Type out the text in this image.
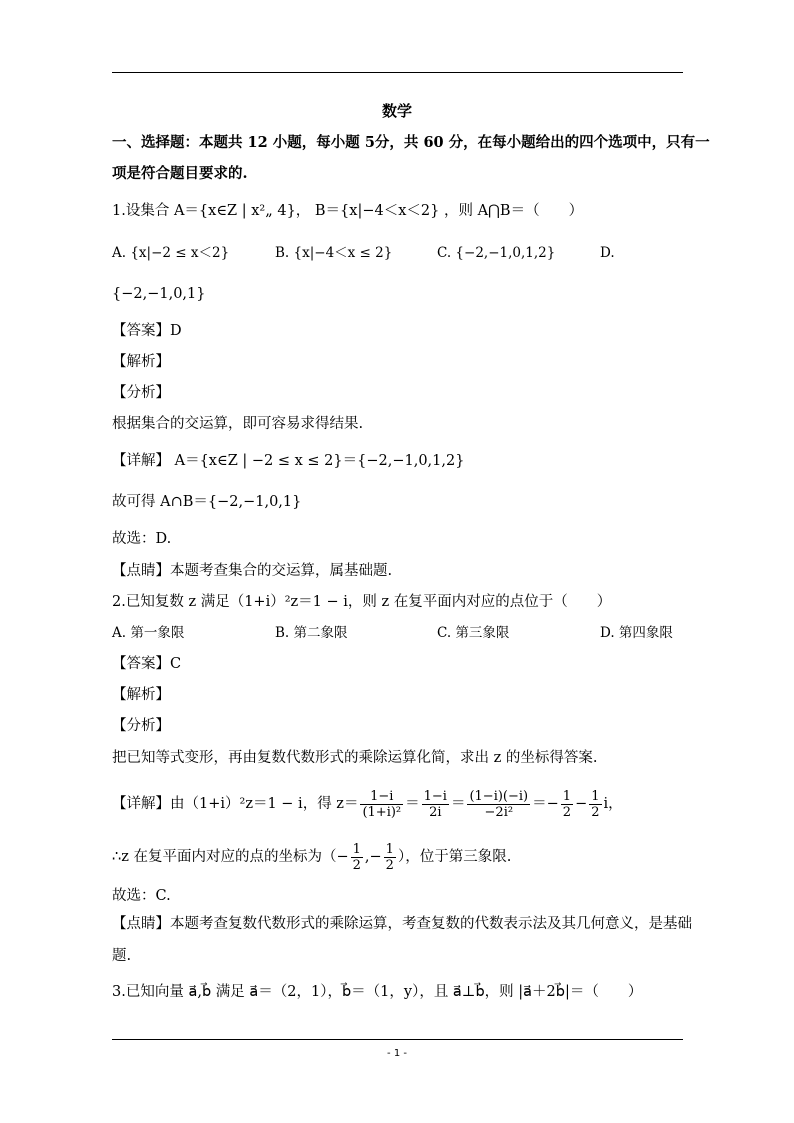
数学
一、选择题：本题共 12 小题，每小题 5分，共 60 分，在每小题给出的四个选项中，只有一
项是符合题目要求的.
1.设集合 A＝{x∈Z | x²„ 4}， B＝{x|−4＜x＜2} ，则 A⋂B＝（　　）
A. {x|−2 ≤ x＜2}	B. {x|−4＜x ≤ 2}	C. {−2,−1,0,1,2}	D.
{−2,−1,0,1}
【答案】D
【解析】
【分析】
根据集合的交运算，即可容易求得结果.
【详解】 A＝{x∈Z | −2 ≤ x ≤ 2}＝{−2,−1,0,1,2}
故可得 A∩B＝{−2,−1,0,1}
故选：D.
【点睛】本题考查集合的交运算，属基础题.
2.已知复数 z 满足（1+i）²z＝1 − i，则 z 在复平面内对应的点位于（　　）
A. 第一象限	B. 第二象限	C. 第三象限	D. 第四象限
【答案】C
【解析】
【分析】
把已知等式变形，再由复数代数形式的乘除运算化简，求出 z 的坐标得答案.
【详解】由（1+i）²z＝1 − i，得 $z= \frac{1-i}{\text{(1+i)²}} = \frac{1-i}{2i} = \frac{(1-i)(-i)}{\text{−2i²}} =- \frac{1}{2} - \frac{1}{2}$ i，
∴z 在复平面内对应的点的坐标为（− $\frac{1}{2}$ ,− $\frac{1}{2}$ ），位于第三象限.
故选：C.
【点睛】本题考查复数代数形式的乘除运算，考查复数的代数表示法及其几何意义，是基础
题.
3.已知向量 a⃗,b⃗ 满足 a⃗＝（2，1），b⃗＝（1，y），且 a⃗⊥b⃗，则 |a⃗＋2b⃗|＝（　　）
- 1 -
